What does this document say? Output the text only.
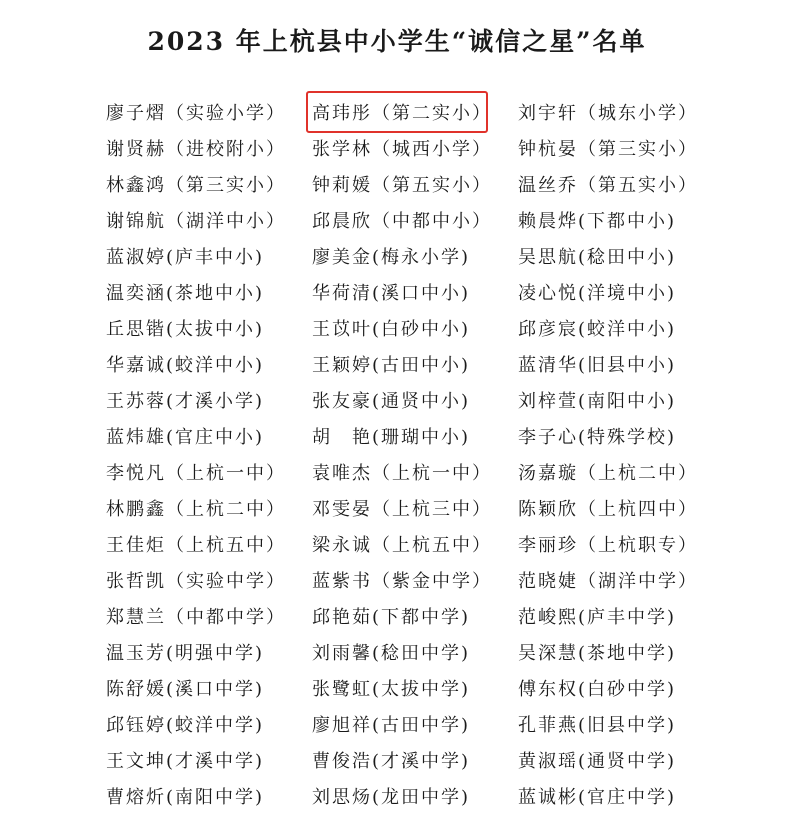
2023 年上杭县中小学生“诚信之星”名单
廖子熠（实验小学） 高玮彤（第二实小） 刘宇轩（城东小学）
谢贤赫（进校附小） 张学林（城西小学） 钟杭晏（第三实小）
林鑫鸿（第三实小） 钟莉媛（第五实小） 温丝乔（第五实小）
谢锦航（湖洋中小） 邱晨欣（中都中小） 赖晨烨(下都中小)
蓝淑婷(庐丰中小)	廖美金(梅永小学)	吴思航(稔田中小)
温奕涵(茶地中小)	华荷清(溪口中小)	凌心悦(洋境中小)
丘思锴(太拔中小)	王苡叶(白砂中小)	邱彦宸(蛟洋中小)
华嘉诚(蛟洋中小)	王颖婷(古田中小)	蓝清华(旧县中小)
王苏蓉(才溪小学)	张友豪(通贤中小)	刘梓萱(南阳中小)
蓝炜雄(官庄中小)	胡　艳(珊瑚中小)	李子心(特殊学校)
李悦凡（上杭一中） 袁唯杰（上杭一中） 汤嘉璇（上杭二中）
林鹏鑫（上杭二中） 邓雯晏（上杭三中） 陈颖欣（上杭四中）
王佳炬（上杭五中） 梁永诚（上杭五中） 李丽珍（上杭职专）
张哲凯（实验中学） 蓝紫书（紫金中学） 范晓婕（湖洋中学）
郑慧兰（中都中学） 邱艳茹(下都中学)	范峻熙(庐丰中学)
温玉芳(明强中学)	刘雨馨(稔田中学)	吴深慧(茶地中学)
陈舒媛(溪口中学)	张鹭虹(太拔中学)	傅东权(白砂中学)
邱钰婷(蛟洋中学)	廖旭祥(古田中学)	孔菲燕(旧县中学)
王文坤(才溪中学)	曹俊浩(才溪中学)	黄淑瑶(通贤中学)
曹熔炘(南阳中学)	刘思炀(龙田中学)	蓝诚彬(官庄中学)
